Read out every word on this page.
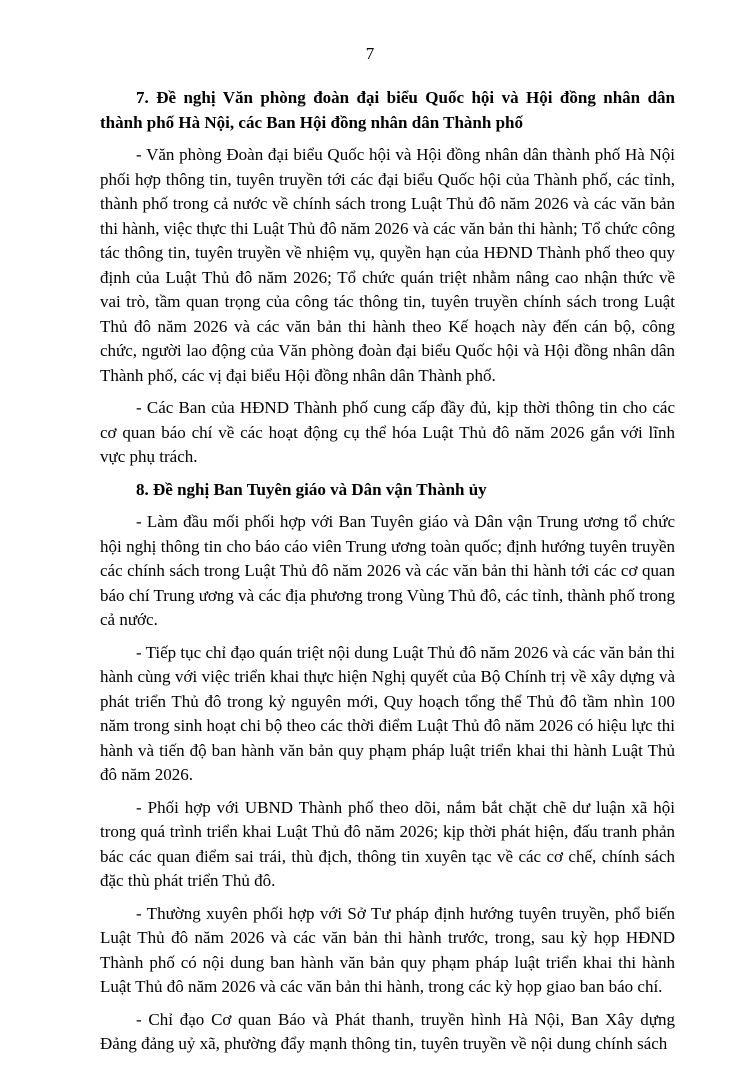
7
7. Đề nghị Văn phòng đoàn đại biểu Quốc hội và Hội đồng nhân dân thành phố Hà Nội, các Ban Hội đồng nhân dân Thành phố

- Văn phòng Đoàn đại biểu Quốc hội và Hội đồng nhân dân thành phố Hà Nội phối hợp thông tin, tuyên truyền tới các đại biểu Quốc hội của Thành phố, các tỉnh, thành phố trong cả nước về chính sách trong Luật Thủ đô năm 2026 và các văn bản thi hành, việc thực thi Luật Thủ đô năm 2026 và các văn bản thi hành; Tổ chức công tác thông tin, tuyên truyền về nhiệm vụ, quyền hạn của HĐND Thành phố theo quy định của Luật Thủ đô năm 2026; Tổ chức quán triệt nhằm nâng cao nhận thức về vai trò, tầm quan trọng của công tác thông tin, tuyên truyền chính sách trong Luật Thủ đô năm 2026 và các văn bản thi hành theo Kế hoạch này đến cán bộ, công chức, người lao động của Văn phòng đoàn đại biểu Quốc hội và Hội đồng nhân dân Thành phố, các vị đại biểu Hội đồng nhân dân Thành phố.

- Các Ban của HĐND Thành phố cung cấp đầy đủ, kịp thời thông tin cho các cơ quan báo chí về các hoạt động cụ thể hóa Luật Thủ đô năm 2026 gắn với lĩnh vực phụ trách.

8. Đề nghị Ban Tuyên giáo và Dân vận Thành ủy

- Làm đầu mối phối hợp với Ban Tuyên giáo và Dân vận Trung ương tổ chức hội nghị thông tin cho báo cáo viên Trung ương toàn quốc; định hướng tuyên truyền các chính sách trong Luật Thủ đô năm 2026 và các văn bản thi hành tới các cơ quan báo chí Trung ương và các địa phương trong Vùng Thủ đô, các tỉnh, thành phố trong cả nước.

- Tiếp tục chỉ đạo quán triệt nội dung Luật Thủ đô năm 2026 và các văn bản thi hành cùng với việc triển khai thực hiện Nghị quyết của Bộ Chính trị về xây dựng và phát triển Thủ đô trong kỷ nguyên mới, Quy hoạch tổng thể Thủ đô tầm nhìn 100 năm trong sinh hoạt chi bộ theo các thời điểm Luật Thủ đô năm 2026 có hiệu lực thi hành và tiến độ ban hành văn bản quy phạm pháp luật triển khai thi hành Luật Thủ đô năm 2026.

- Phối hợp với UBND Thành phố theo dõi, nắm bắt chặt chẽ dư luận xã hội trong quá trình triển khai Luật Thủ đô năm 2026; kịp thời phát hiện, đấu tranh phản bác các quan điểm sai trái, thù địch, thông tin xuyên tạc về các cơ chế, chính sách đặc thù phát triển Thủ đô.

- Thường xuyên phối hợp với Sở Tư pháp định hướng tuyên truyền, phổ biến Luật Thủ đô năm 2026 và các văn bản thi hành trước, trong, sau kỳ họp HĐND Thành phố có nội dung ban hành văn bản quy phạm pháp luật triển khai thi hành Luật Thủ đô năm 2026 và các văn bản thi hành, trong các kỳ họp giao ban báo chí.

- Chỉ đạo Cơ quan Báo và Phát thanh, truyền hình Hà Nội, Ban Xây dựng Đảng đảng uỷ xã, phường đẩy mạnh thông tin, tuyên truyền về nội dung chính sách
